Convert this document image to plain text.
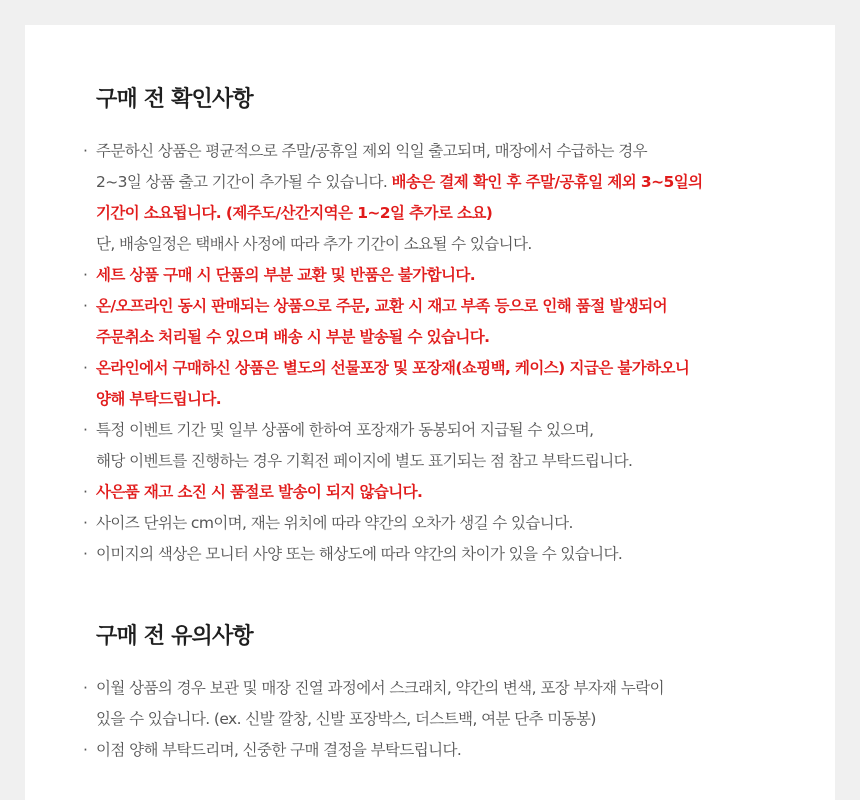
구매 전 확인사항
· 주문하신 상품은 평균적으로 주말/공휴일 제외 익일 출고되며, 매장에서 수급하는 경우
2~3일 상품 출고 기간이 추가될 수 있습니다. 배송은 결제 확인 후 주말/공휴일 제외 3~5일의
기간이 소요됩니다. (제주도/산간지역은 1~2일 추가로 소요)
단, 배송일정은 택배사 사정에 따라 추가 기간이 소요될 수 있습니다.
· 세트 상품 구매 시 단품의 부분 교환 및 반품은 불가합니다.
· 온/오프라인 동시 판매되는 상품으로 주문, 교환 시 재고 부족 등으로 인해 품절 발생되어
주문취소 처리될 수 있으며 배송 시 부분 발송될 수 있습니다.
· 온라인에서 구매하신 상품은 별도의 선물포장 및 포장재(쇼핑백, 케이스) 지급은 불가하오니
양해 부탁드립니다.
· 특정 이벤트 기간 및 일부 상품에 한하여 포장재가 동봉되어 지급될 수 있으며,
해당 이벤트를 진행하는 경우 기획전 페이지에 별도 표기되는 점 참고 부탁드립니다.
· 사은품 재고 소진 시 품절로 발송이 되지 않습니다.
· 사이즈 단위는 cm이며, 재는 위치에 따라 약간의 오차가 생길 수 있습니다.
· 이미지의 색상은 모니터 사양 또는 해상도에 따라 약간의 차이가 있을 수 있습니다.
구매 전 유의사항
· 이월 상품의 경우 보관 및 매장 진열 과정에서 스크래치, 약간의 변색, 포장 부자재 누락이
있을 수 있습니다. (ex. 신발 깔창, 신발 포장박스, 더스트백, 여분 단추 미동봉)
· 이점 양해 부탁드리며, 신중한 구매 결정을 부탁드립니다.
